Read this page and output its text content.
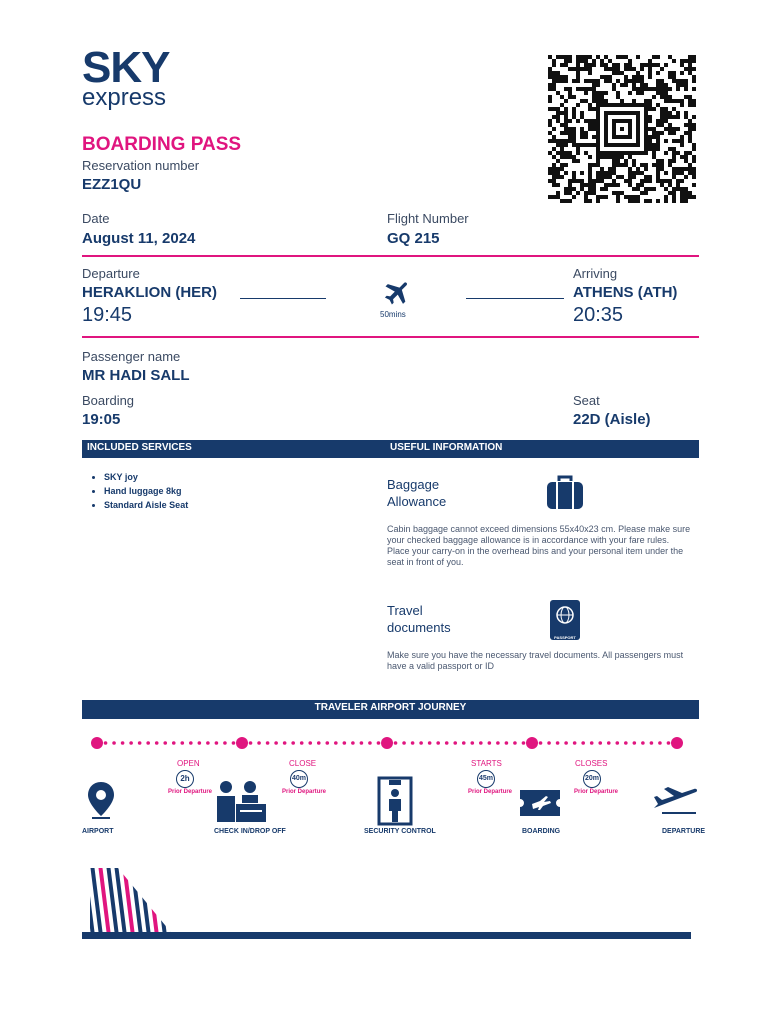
SKY
express
BOARDING PASS
Reservation number
EZZ1QU
Date
August 11, 2024
Flight Number
GQ 215
Departure
HERAKLION (HER)
19:45	50mins
Arriving
ATHENS (ATH)
20:35
Passenger name
MR HADI SALL
Boarding
19:05
Seat
22D (Aisle)
INCLUDED SERVICES	USEFUL INFORMATION
• SKY joy
• Hand luggage 8kg
• Standard Aisle Seat
Baggage
Allowance
Cabin baggage cannot exceed dimensions 55x40x23 cm. Please make sure your checked baggage allowance is in accordance with your fare rules. Place your carry-on in the overhead bins and your personal item under the seat in front of you.
Travel
documents
PASSPORT
Make sure you have the necessary travel documents. All passengers must have a valid passport or ID
TRAVELER AIRPORT JOURNEY
OPEN
2h
Prior Departure
CLOSE
40m
Prior Departure
STARTS
45m
Prior Departure
CLOSES
20m
Prior Departure
AIRPORT	CHECK IN/DROP OFF	SECURITY CONTROL	BOARDING	DEPARTURE
